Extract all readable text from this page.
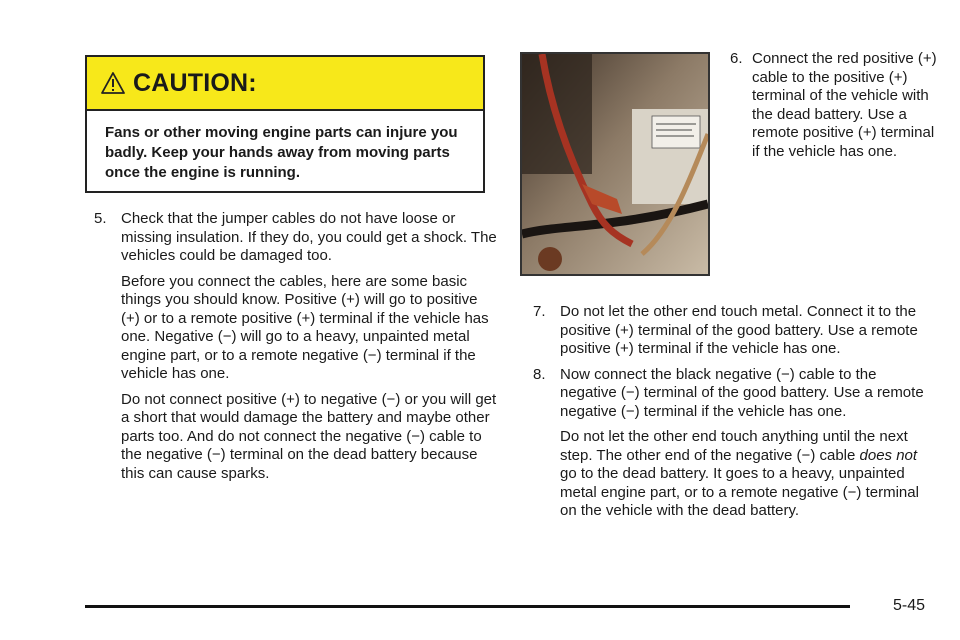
CAUTION:
Fans or other moving engine parts can injure you badly. Keep your hands away from moving parts once the engine is running.
5. Check that the jumper cables do not have loose or missing insulation. If they do, you could get a shock. The vehicles could be damaged too.
Before you connect the cables, here are some basic things you should know. Positive (+) will go to positive (+) or to a remote positive (+) terminal if the vehicle has one. Negative (−) will go to a heavy, unpainted metal engine part, or to a remote negative (−) terminal if the vehicle has one.
Do not connect positive (+) to negative (−) or you will get a short that would damage the battery and maybe other parts too. And do not connect the negative (−) cable to the negative (−) terminal on the dead battery because this can cause sparks.
6. Connect the red positive (+) cable to the positive (+) terminal of the vehicle with the dead battery. Use a remote positive (+) terminal if the vehicle has one.
7. Do not let the other end touch metal. Connect it to the positive (+) terminal of the good battery. Use a remote positive (+) terminal if the vehicle has one.
8. Now connect the black negative (−) cable to the negative (−) terminal of the good battery. Use a remote negative (−) terminal if the vehicle has one.
Do not let the other end touch anything until the next step. The other end of the negative (−) cable does not go to the dead battery. It goes to a heavy, unpainted metal engine part, or to a remote negative (−) terminal on the vehicle with the dead battery.
5-45
